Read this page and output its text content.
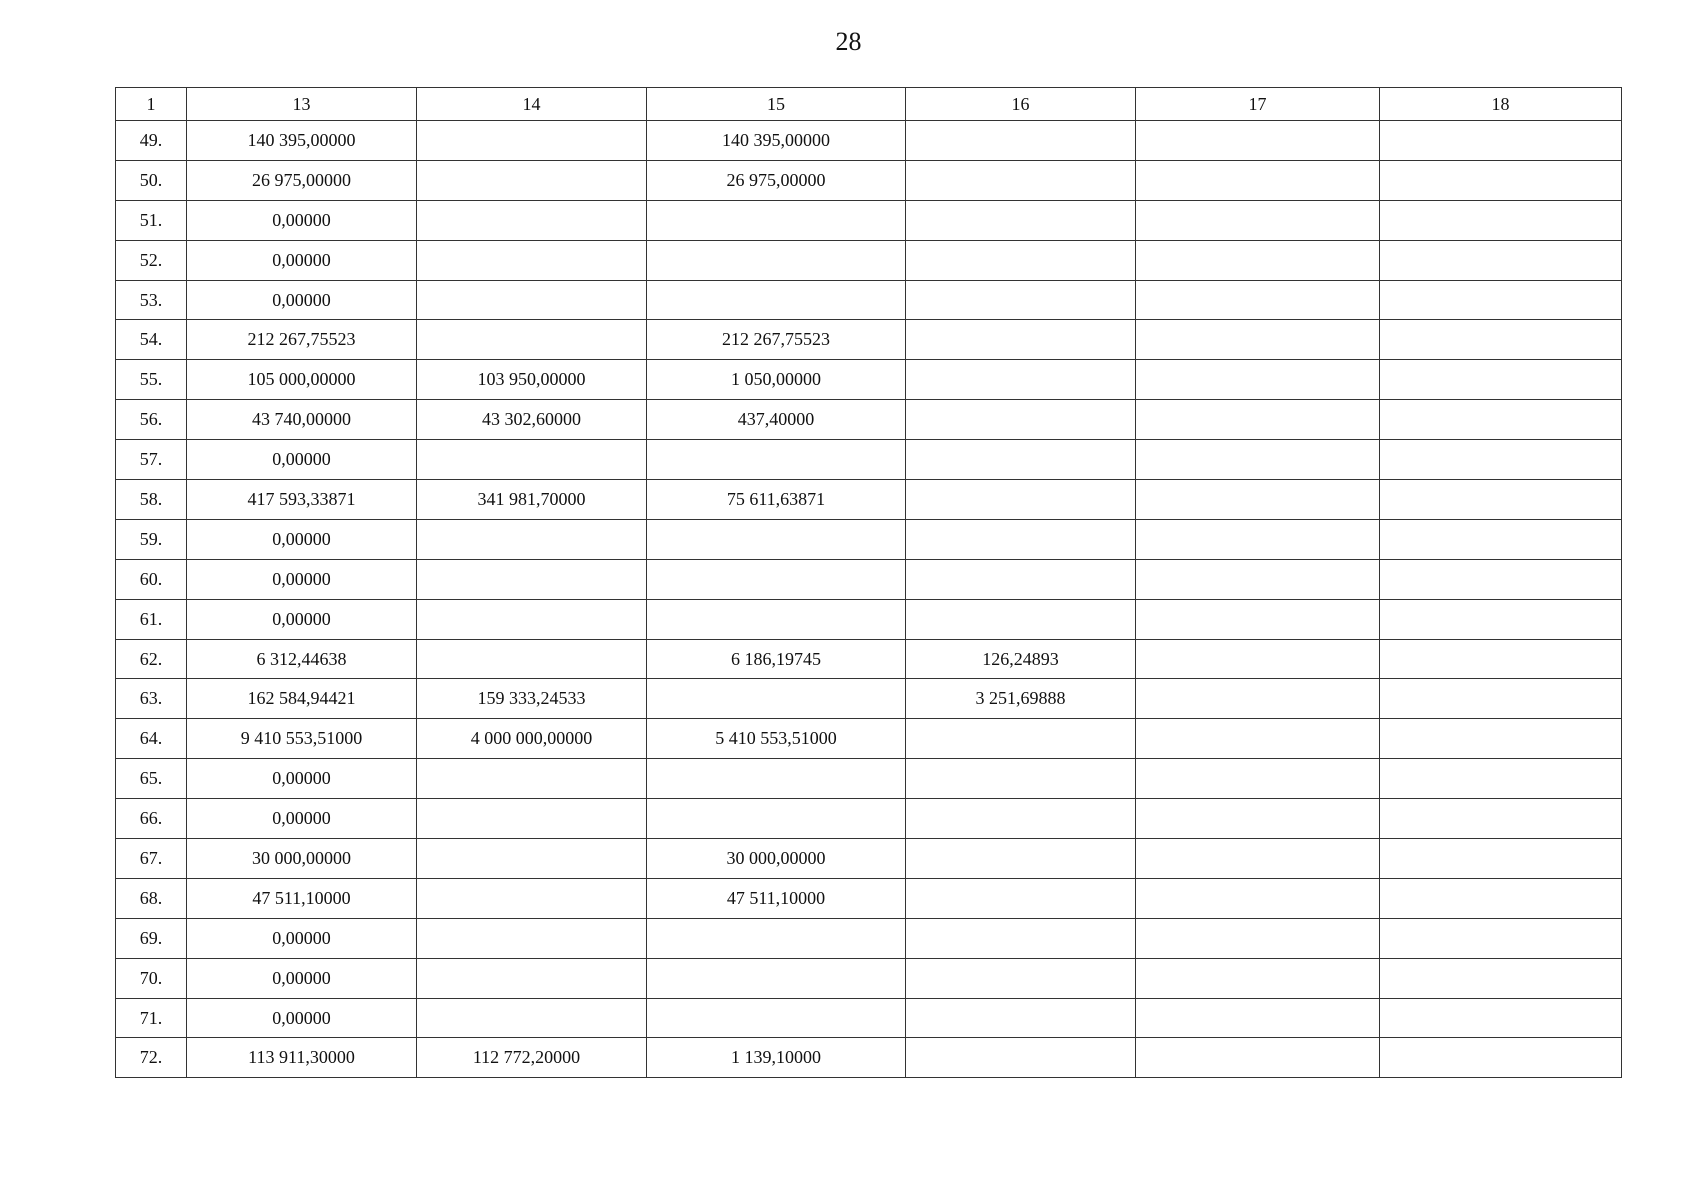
28
1	13	14	15	16	17	18
49.	140 395,00000		140 395,00000			
50.	26 975,00000		26 975,00000			
51.	0,00000					
52.	0,00000					
53.	0,00000					
54.	212 267,75523		212 267,75523			
55.	105 000,00000	103 950,00000	1 050,00000			
56.	43 740,00000	43 302,60000	437,40000			
57.	0,00000					
58.	417 593,33871	341 981,70000	75 611,63871			
59.	0,00000					
60.	0,00000					
61.	0,00000					
62.	6 312,44638		6 186,19745	126,24893		
63.	162 584,94421	159 333,24533		3 251,69888		
64.	9 410 553,51000	4 000 000,00000	5 410 553,51000			
65.	0,00000					
66.	0,00000					
67.	30 000,00000		30 000,00000			
68.	47 511,10000		47 511,10000			
69.	0,00000					
70.	0,00000					
71.	0,00000					
72.	113 911,30000	112 772,20000	1 139,10000			
